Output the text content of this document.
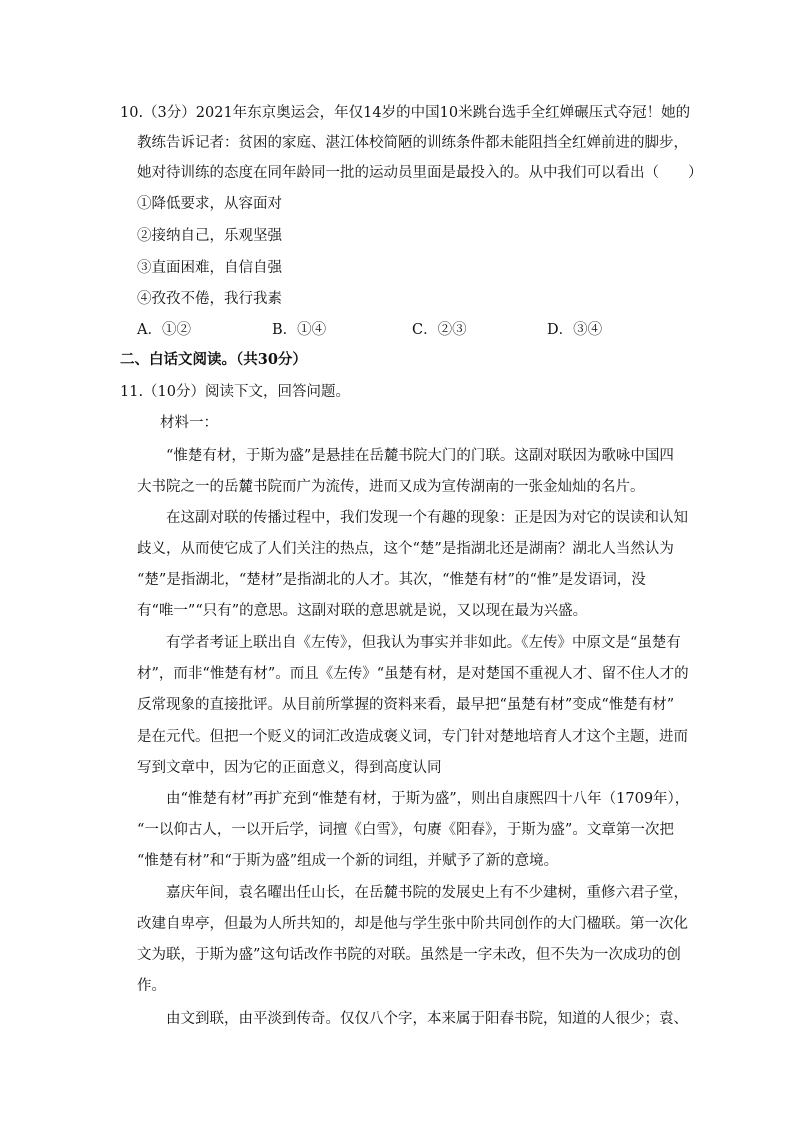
10.（3分）2021年东京奥运会，年仅14岁的中国10米跳台选手全红婵碾压式夺冠！她的
教练告诉记者：贫困的家庭、湛江体校简陋的训练条件都未能阻挡全红婵前进的脚步，
她对待训练的态度在同年龄同一批的运动员里面是最投入的。从中我们可以看出（　　）
①降低要求，从容面对
②接纳自己，乐观坚强
③直面困难，自信自强
④孜孜不倦，我行我素
A．①②	B．①④	C．②③	D．③④
二、白话文阅读。（共30分）
11.（10分）阅读下文，回答问题。
材料一：
“惟楚有材，于斯为盛”是悬挂在岳麓书院大门的门联。这副对联因为歌咏中国四
大书院之一的岳麓书院而广为流传，进而又成为宣传湖南的一张金灿灿的名片。
在这副对联的传播过程中，我们发现一个有趣的现象：正是因为对它的误读和认知
歧义，从而使它成了人们关注的热点，这个“楚”是指湖北还是湖南？湖北人当然认为
“楚”是指湖北，“楚材”是指湖北的人才。其次，“惟楚有材”的“惟”是发语词，没
有“唯一”“只有”的意思。这副对联的意思就是说，又以现在最为兴盛。
有学者考证上联出自《左传》，但我认为事实并非如此。《左传》中原文是“虽楚有
材”，而非“惟楚有材”。而且《左传》“虽楚有材，是对楚国不重视人才、留不住人才的
反常现象的直接批评。从目前所掌握的资料来看，最早把“虽楚有材”变成“惟楚有材”
是在元代。但把一个贬义的词汇改造成褒义词，专门针对楚地培育人才这个主题，进而
写到文章中，因为它的正面意义，得到高度认同
由“惟楚有材”再扩充到“惟楚有材，于斯为盛”，则出自康熙四十八年（1709年），
“一以仰古人，一以开后学，词擅《白雪》，句赓《阳春》，于斯为盛”。文章第一次把
“惟楚有材”和“于斯为盛”组成一个新的词组，并赋予了新的意境。
嘉庆年间，袁名曜出任山长，在岳麓书院的发展史上有不少建树，重修六君子堂，
改建自卑亭，但最为人所共知的，却是他与学生张中阶共同创作的大门楹联。第一次化
文为联，于斯为盛”这句话改作书院的对联。虽然是一字未改，但不失为一次成功的创
作。
由文到联，由平淡到传奇。仅仅八个字，本来属于阳春书院，知道的人很少；袁、
